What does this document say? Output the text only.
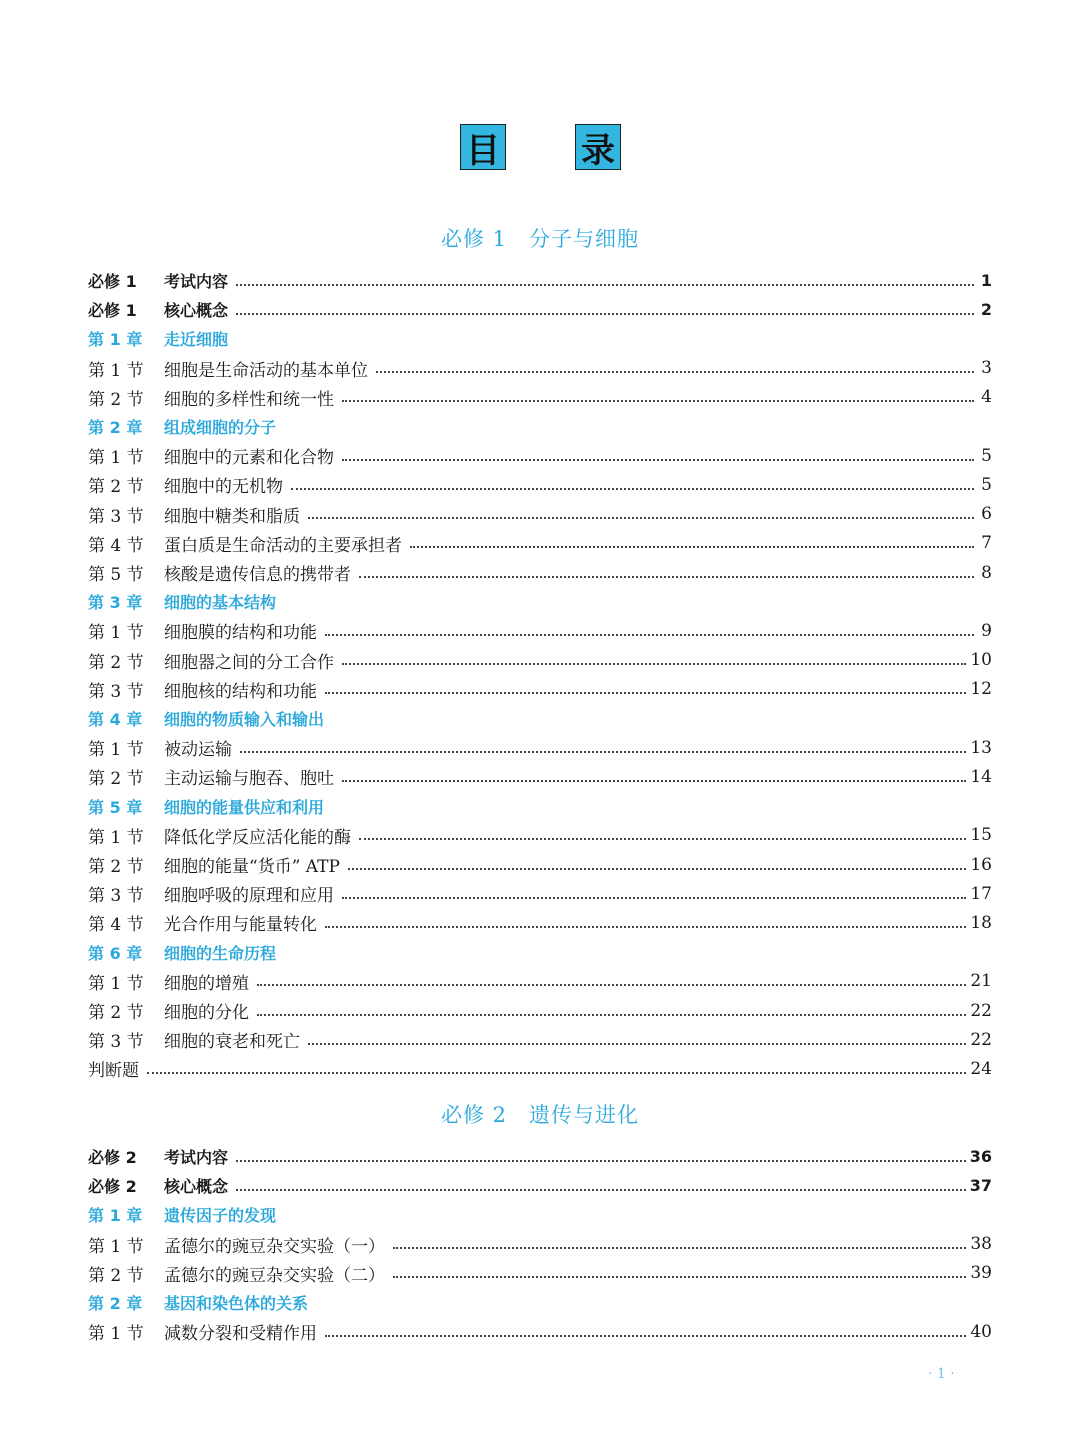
目 录
必修 1 分子与细胞
必修 2 遗传与进化
必修 1 考试内容	1
必修 1 核心概念	2
第 1 章 走近细胞
第 1 节 细胞是生命活动的基本单位	3
第 2 节 细胞的多样性和统一性	4
第 2 章 组成细胞的分子
第 1 节 细胞中的元素和化合物	5
第 2 节 细胞中的无机物	5
第 3 节 细胞中糖类和脂质	6
第 4 节 蛋白质是生命活动的主要承担者	7
第 5 节 核酸是遗传信息的携带者	8
第 3 章 细胞的基本结构
第 1 节 细胞膜的结构和功能	9
第 2 节 细胞器之间的分工合作	10
第 3 节 细胞核的结构和功能	12
第 4 章 细胞的物质输入和输出
第 1 节 被动运输	13
第 2 节 主动运输与胞吞、胞吐	14
第 5 章 细胞的能量供应和利用
第 1 节 降低化学反应活化能的酶	15
第 2 节 细胞的能量“货币” ATP	16
第 3 节 细胞呼吸的原理和应用	17
第 4 节 光合作用与能量转化	18
第 6 章 细胞的生命历程
第 1 节 细胞的增殖	21
第 2 节 细胞的分化	22
第 3 节 细胞的衰老和死亡	22
判断题	24
必修 2 考试内容	36
必修 2 核心概念	37
第 1 章 遗传因子的发现
第 1 节 孟德尔的豌豆杂交实验（一）	38
第 2 节 孟德尔的豌豆杂交实验（二）	39
第 2 章 基因和染色体的关系
第 1 节 减数分裂和受精作用	40
· 1 ·
